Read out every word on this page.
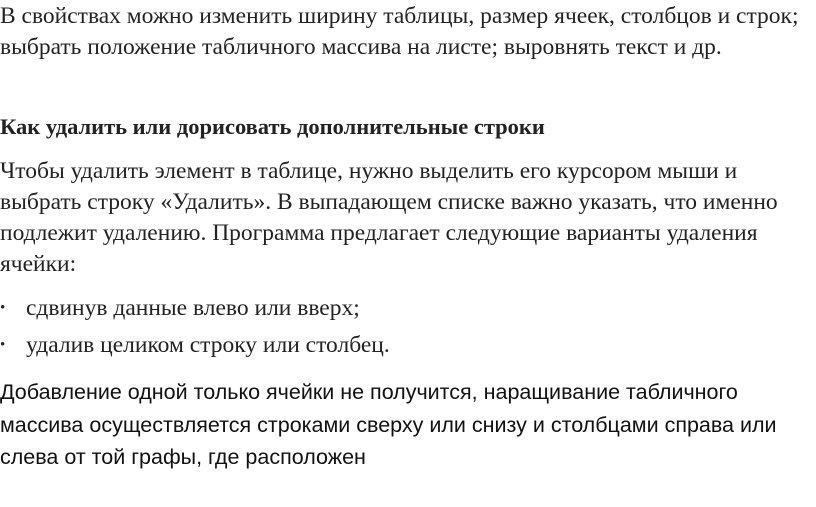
В свойствах можно изменить ширину таблицы, размер ячеек, столбцов и строк; выбрать положение табличного массива на листе; выровнять текст и др.

Как удалить или дорисовать дополнительные строки

Чтобы удалить элемент в таблице, нужно выделить его курсором мыши и выбрать строку «Удалить». В выпадающем списке важно указать, что именно подлежит удалению. Программа предлагает следующие варианты удаления ячейки:

• сдвинув данные влево или вверх;
• удалив целиком строку или столбец.

Добавление одной только ячейки не получится, наращивание табличного массива осуществляется строками сверху или снизу и столбцами справа или слева от той графы, где расположен
